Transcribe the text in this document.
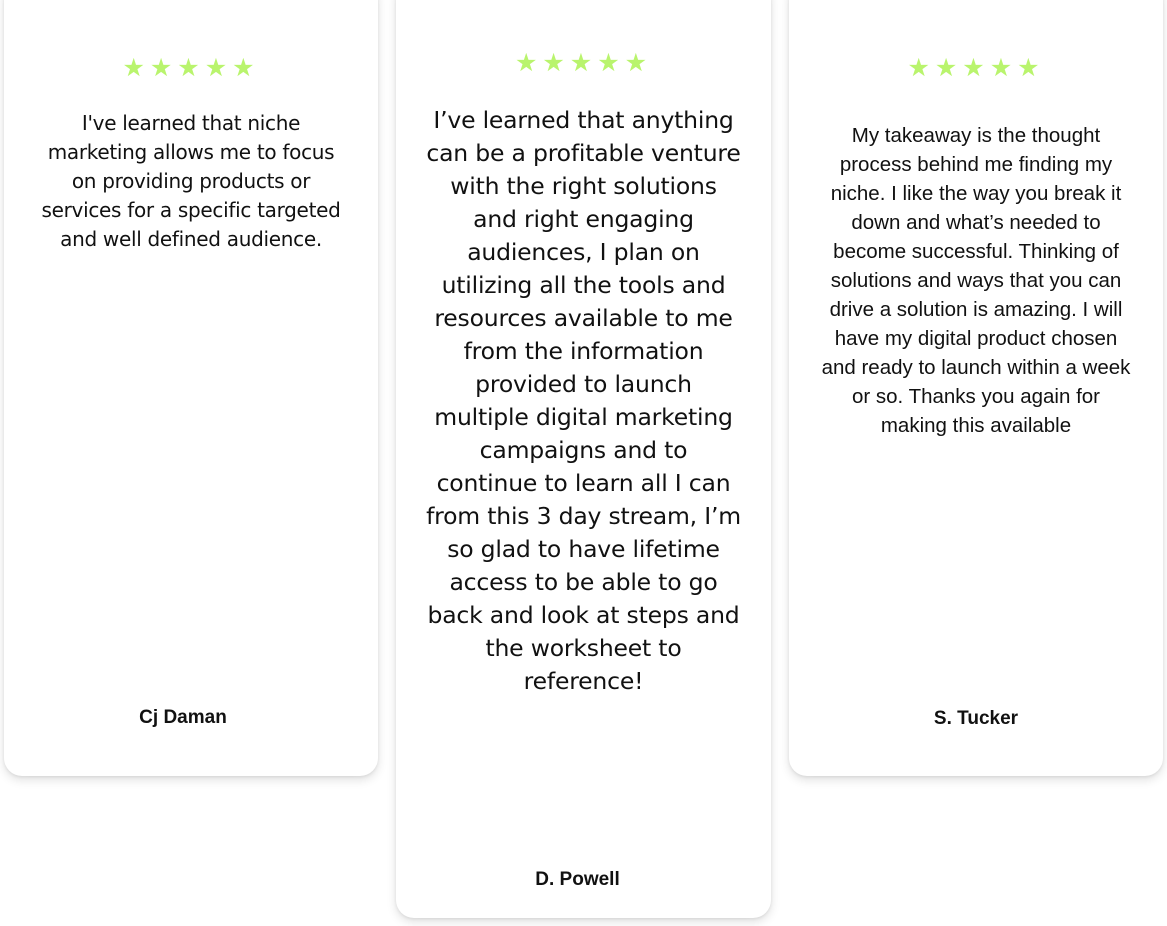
★★★★★

I've learned that niche marketing allows me to focus on providing products or services for a specific targeted and well defined audience.

Cj Daman
★★★★★

I’ve learned that anything can be a profitable venture with the right solutions and right engaging audiences, I plan on utilizing all the tools and resources available to me from the information provided to launch multiple digital marketing campaigns and to continue to learn all I can from this 3 day stream, I’m so glad to have lifetime access to be able to go back and look at steps and the worksheet to reference!

D. Powell
★★★★★

My takeaway is the thought process behind me finding my niche. I like the way you break it down and what’s needed to become successful. Thinking of solutions and ways that you can drive a solution is amazing. I will have my digital product chosen and ready to launch within a week or so. Thanks you again for making this available

S. Tucker
